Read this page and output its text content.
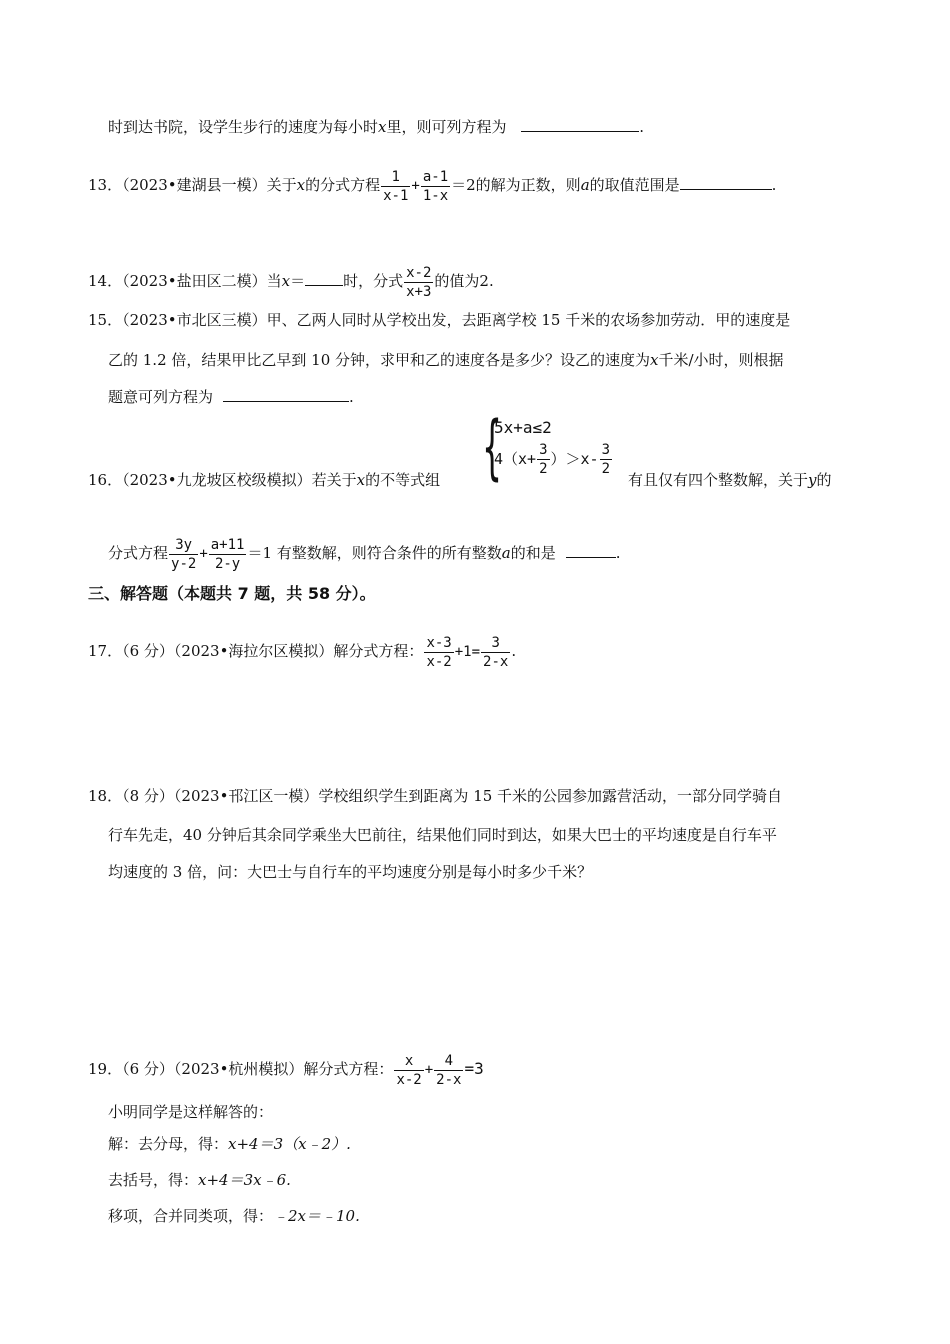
时到达书院，设学生步行的速度为每小时x里，则可列方程为	.
13．（2023•建湖县一模）关于x的分式方程 $\frac{1}{x-1} + \frac{a-1}{1-x} =2$的解为正数，则a的取值范围是	.
14．（2023•盐田区二模）当x＝	时，分式 $\frac{x-2}{x+3}$ 的值为2.
15．（2023•市北区三模）甲、乙两人同时从学校出发，去距离学校 15 千米的农场参加劳动．甲的速度是
乙的 1.2 倍，结果甲比乙早到 10 分钟，求甲和乙的速度各是多少？设乙的速度为x千米/小时，则根据
题意可列方程为	.
{
5x+a≤2
$4(x+ \frac{3}{2} )>x- \frac{3}{2}$
16．（2023•九龙坡区校级模拟）若关于x的不等式组	有且仅有四个整数解，关于y的
分式方程 $\frac{3y}{y-2} + \frac{a+11}{2-y} =1$ 有整数解，则符合条件的所有整数a的和是	.
三、解答题（本题共 7 题，共 58 分）。
17．（6 分）（2023•海拉尔区模拟）解分式方程： $\frac{x-3}{x-2} +1= \frac{3}{2-x}$ .
18．（8 分）（2023•邗江区一模）学校组织学生到距离为 15 千米的公园参加露营活动，一部分同学骑自
行车先走，40 分钟后其余同学乘坐大巴前往，结果他们同时到达，如果大巴士的平均速度是自行车平
均速度的 3 倍，问：大巴士与自行车的平均速度分别是每小时多少千米？
19．（6 分）（2023•杭州模拟）解分式方程： $\frac{x}{x-2} + \frac{4}{2-x} =3$
小明同学是这样解答的：
解：去分母，得：x+4＝3（x﹣2）.
去括号，得：x+4＝3x﹣6.
移项，合并同类项，得：﹣2x＝﹣10.
